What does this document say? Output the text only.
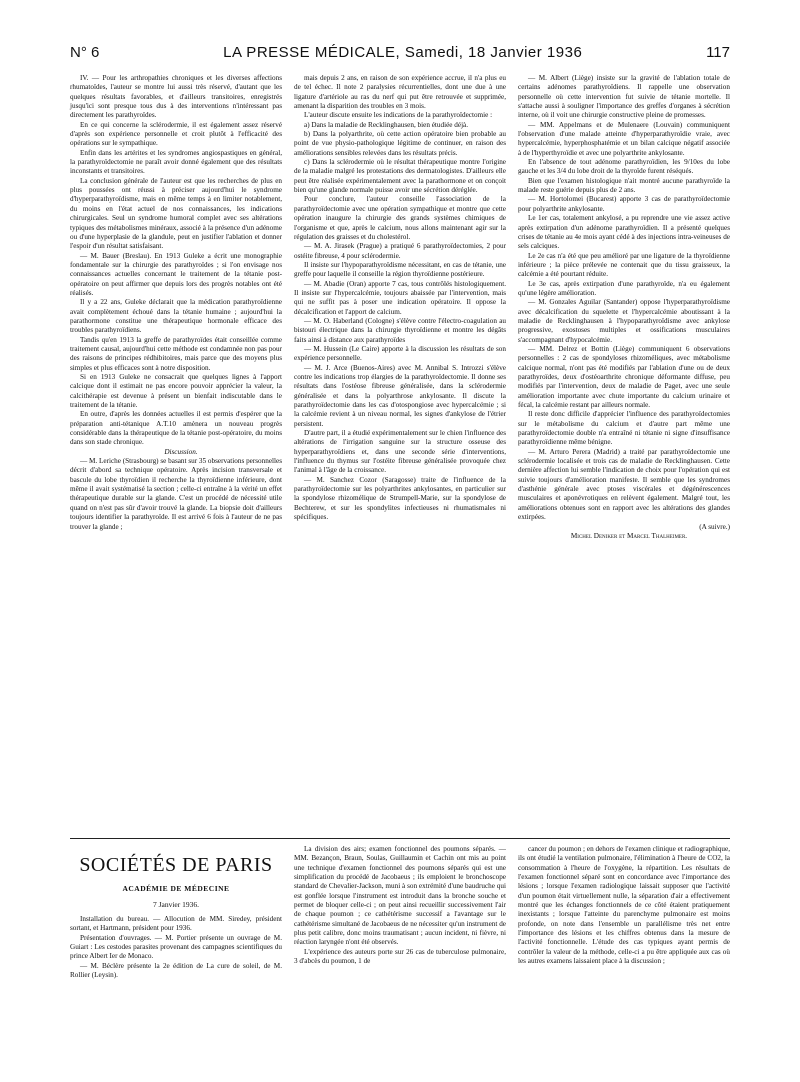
N° 6	LA PRESSE MÉDICALE, Samedi, 18 Janvier 1936	117

IV. — Pour les arthropathies chroniques et les diverses affections rhumatoïdes, l'auteur se montre lui aussi très réservé, d'autant que les quelques résultats favorables, et d'ailleurs transitoires, enregistrés jusqu'ici sont presque tous dus à des interventions n'intéressant pas directement les parathyroïdes.

En ce qui concerne la sclérodermie, il est également assez réservé d'après son expérience personnelle et croit plutôt à l'efficacité des opérations sur le sympathique.

Enfin dans les artérites et les syndromes angiospastiques en général, la parathyroïdectomie ne paraît avoir donné également que des résultats inconstants et transitoires.

La conclusion générale de l'auteur est que les recherches de plus en plus poussées ont réussi à préciser aujourd'hui le syndrome d'hyperparathyroïdisme, mais en même temps à en limiter notablement, du moins en l'état actuel de nos connaissances, les indications chirurgicales. Seul un syndrome humoral complet avec ses altérations typiques des métabolismes minéraux, associé à la présence d'un adénome ou d'une hyperplasie de la glandule, peut en justifier l'ablation et donner l'espoir d'un résultat satisfaisant.

— M. Bauer (Breslau). En 1913 Guleke a écrit une monographie fondamentale sur la chirurgie des parathyroïdes ; si l'on envisage nos connaissances actuelles concernant le traitement de la tétanie post-opératoire on peut affirmer que depuis lors des progrès notables ont été réalisés.

Il y a 22 ans, Guleke déclarait que la médication parathyroïdienne avait complètement échoué dans la tétanie humaine ; aujourd'hui la parathormone constitue une thérapeutique hormonale efficace des troubles parathyroïdiens.

Tandis qu'en 1913 la greffe de parathyroïdes était conseillée comme traitement causal, aujourd'hui cette méthode est condamnée non pas pour des raisons de principes rédhibitoires, mais parce que des moyens plus simples et plus efficaces sont à notre disposition.

Si en 1913 Guleke ne consacrait que quelques lignes à l'apport calcique dont il estimait ne pas encore pouvoir apprécier la valeur, la calcithérapie est devenue à présent un bienfait indiscutable dans le traitement de la tétanie.

En outre, d'après les données actuelles il est permis d'espérer que la préparation anti-tétanique A.T.10 amènera un nouveau progrès considérable dans la thérapeutique de la tétanie post-opératoire, du moins dans son stade chronique.

Discussion.

— M. Leriche (Strasbourg) se basant sur 35 observations personnelles décrit d'abord sa technique opératoire. Après incision transversale et bascule du lobe thyroïdien il recherche la thyroïdienne inférieure, dont même il avait systématisé la section ; celle-ci entraîne à la vérité un effet thérapeutique durable sur la glande. C'est un procédé de nécessité utile quand on n'est pas sûr d'avoir trouvé la glande. La biopsie doit d'ailleurs toujours identifier la parathyroïde. Il est arrivé 6 fois à l'auteur de ne pas trouver la glande ;

mais depuis 2 ans, en raison de son expérience accrue, il n'a plus eu de tel échec. Il note 2 paralysies récurrentielles, dont une due à une ligature d'artériole au ras du nerf qui put être retrouvée et supprimée, amenant la disparition des troubles en 3 mois.

L'auteur discute ensuite les indications de la parathyroïdectomie :

a) Dans la maladie de Recklinghausen, bien étudiée déjà.

b) Dans la polyarthrite, où cette action opératoire bien probable au point de vue physio-pathologique légitime de continuer, en raison des améliorations sensibles relevées dans les résultats précis.

c) Dans la sclérodermie où le résultat thérapeutique montre l'origine de la maladie malgré les protestations des dermatologistes. D'ailleurs elle peut être réalisée expérimentalement avec la parathormone et on conçoit bien qu'une glande normale puisse avoir une sécrétion déréglée.

Pour conclure, l'auteur conseille l'association de la parathyroïdectomie avec une opération sympathique et montre que cette opération inaugure la chirurgie des grands systèmes chimiques de l'organisme et que, après le calcium, nous allons maintenant agir sur la régulation des graisses et du cholestérol.

— M. A. Jirasek (Prague) a pratiqué 6 parathyroïdectomies, 2 pour ostéite fibreuse, 4 pour sclérodermie.

Il insiste sur l'hypoparathyroïdisme nécessitant, en cas de tétanie, une greffe pour laquelle il conseille la région thyroïdienne postérieure.

— M. Abadie (Oran) apporte 7 cas, tous contrôlés histologiquement. Il insiste sur l'hypercalcémie, toujours abaissée par l'intervention, mais qui ne suffit pas à poser une indication opératoire. Il oppose la décalcification et l'apport de calcium.

— M. O. Haberland (Cologne) s'élève contre l'électro-coagulation au bistouri électrique dans la chirurgie thyroïdienne et montre les dégâts faits ainsi à distance aux parathyroïdes

— M. Hussein (Le Caire) apporte à la discussion les résultats de son expérience personnelle.

— M. J. Arce (Buenos-Aires) avec M. Annibal S. Introzzi s'élève contre les indications trop élargies de la parathyroïdectomie. Il donne ses résultats dans l'ostéose fibreuse généralisée, dans la sclérodermie généralisée et dans la polyarthrose ankylosante. Il discute la parathyroïdectomie dans les cas d'otospongiose avec hypercalcémie ; si la calcémie revient à un niveau normal, les signes d'ankylose de l'étrier persistent.

D'autre part, il a étudié expérimentalement sur le chien l'influence des altérations de l'irrigation sanguine sur la structure osseuse des hyperparathyroïdiens et, dans une seconde série d'interventions, l'influence du thymus sur l'ostéite fibreuse généralisée provoquée chez l'animal à l'âge de la croissance.

— M. Sanchez Cozor (Saragosse) traite de l'influence de la parathyroïdectomie sur les polyarthrites ankylosantes, en particulier sur la spondylose rhizomélique de Strumpell-Marie, sur la spondylose de Bechterew, et sur les spondylites infectieuses ni rhumatismales ni spécifiques.

— M. Albert (Liège) insiste sur la gravité de l'ablation totale de certains adénomes parathyroïdiens. Il rappelle une observation personnelle où cette intervention fut suivie de tétanie mortelle. Il s'attache aussi à souligner l'importance des greffes d'organes à sécrétion interne, où il voit une chirurgie constructive pleine de promesses.

— MM. Appelmans et de Mulenaere (Louvain) communiquent l'observation d'une malade atteinte d'hyperparathyroïdie vraie, avec hypercalcémie, hyperphosphatémie et un bilan calcique négatif associée à de l'hyperthyroïdie et avec une polyarthrite ankylosante.

En l'absence de tout adénome parathyroïdien, les 9/10es du lobe gauche et les 3/4 du lobe droit de la thyroïde furent réséqués.

Bien que l'examen histologique n'ait montré aucune parathyroïde la malade reste guérie depuis plus de 2 ans.

— M. Hortolomei (Bucarest) apporte 3 cas de parathyroïdectomie pour polyarthrite ankylosante.

Le 1er cas, totalement ankylosé, a pu reprendre une vie assez active après extirpation d'un adénome parathyroïdien. Il a présenté quelques crises de tétanie au 4e mois ayant cédé à des injections intra-veineuses de sels calciques.

Le 2e cas n'a été que peu amélioré par une ligature de la thyroïdienne inférieure ; la pièce prélevée ne contenait que du tissu graisseux, la calcémie a été pourtant réduite.

Le 3e cas, après extirpation d'une parathyroïde, n'a eu également qu'une légère amélioration.

— M. Gonzales Aguilar (Santander) oppose l'hyperparathyroïdisme avec décalcification du squelette et l'hypercalcémie aboutissant à la maladie de Recklinghausen à l'hypoparathyroïdisme avec ankylose progressive, exostoses multiples et ossifications musculaires s'accompagnant d'hypocalcémie.

— MM. Delrez et Bottin (Liège) communiquent 6 observations personnelles : 2 cas de spondyloses rhizoméliques, avec métabolisme calcique normal, n'ont pas été modifiés par l'ablation d'une ou de deux parathyroïdes, deux d'ostéoarthrite chronique déformante diffuse, peu modifiés par l'intervention, deux de maladie de Paget, avec une seule amélioration importante avec chute importante du calcium urinaire et fécal, la calcémie restant par ailleurs normale.

Il reste donc difficile d'apprécier l'influence des parathyroïdectomies sur le métabolisme du calcium et d'autre part même une parathyroïdectomie double n'a entraîné ni tétanie ni signe d'insuffisance parathyroïdienne même bénigne.

— M. Arturo Perera (Madrid) a traité par parathyroïdectomie une sclérodermie localisée et trois cas de maladie de Recklinghausen. Cette dernière affection lui semble l'indication de choix pour l'opération qui est suivie toujours d'amélioration manifeste. Il semble que les syndromes d'asthénie générale avec ptoses viscérales et dégénérescences musculaires et aponévrotiques en relèvent également. Malgré tout, les améliorations obtenues sont en rapport avec les altérations des glandes extirpées.

(A suivre.)

Michel Deniker et Marcel Thalheimer.

SOCIÉTÉS DE PARIS
ACADÉMIE DE MÉDECINE
7 Janvier 1936.

Installation du bureau. — Allocution de MM. Siredey, président sortant, et Hartmann, président pour 1936.

Présentation d'ouvrages. — M. Portier présente un ouvrage de M. Guiart : Les cestodes parasites provenant des campagnes scientifiques du prince Albert Ier de Monaco.

— M. Béclère présente la 2e édition de La cure de soleil, de M. Rollier (Leysin).

La division des airs; examen fonctionnel des poumons séparés. — MM. Bezançon, Braun, Soulas, Guillaumin et Cachin ont mis au point une technique d'examen fonctionnel des poumons séparés qui est une simplification du procédé de Jacobaeus ; ils emploient le bronchoscope standard de Chevalier-Jackson, muni à son extrémité d'une baudruche qui est gonflée lorsque l'instrument est introduit dans la bronche souche et permet de bloquer celle-ci ; on peut ainsi recueillir successivement l'air de chaque poumon ; ce cathétérisme successif a l'avantage sur le cathétérisme simultané de Jacobaeus de ne nécessiter qu'un instrument de plus petit calibre, donc moins traumatisant ; aucun incident, ni fièvre, ni réaction laryngée n'ont été observés.

L'expérience des auteurs porte sur 26 cas de tuberculose pulmonaire, 3 d'abcès du poumon, 1 de

cancer du poumon ; en dehors de l'examen clinique et radiographique, ils ont étudié la ventilation pulmonaire, l'élimination à l'heure de CO2, la consommation à l'heure de l'oxygène, la répartition. Les résultats de l'examen fonctionnel séparé sont en concordance avec l'importance des lésions ; lorsque l'examen radiologique laissait supposer que l'activité d'un poumon était virtuellement nulle, la séparation d'air a effectivement montré que les échanges fonctionnels de ce côté étaient pratiquement inexistants ; lorsque l'atteinte du parenchyme pulmonaire est moins profonde, on note dans l'ensemble un parallélisme très net entre l'importance des lésions et les chiffres obtenus dans la mesure de l'activité fonctionnelle. L'étude des cas typiques ayant permis de contrôler la valeur de la méthode, celle-ci a pu être appliquée aux cas où les autres examens laissaient place à la discussion ;
